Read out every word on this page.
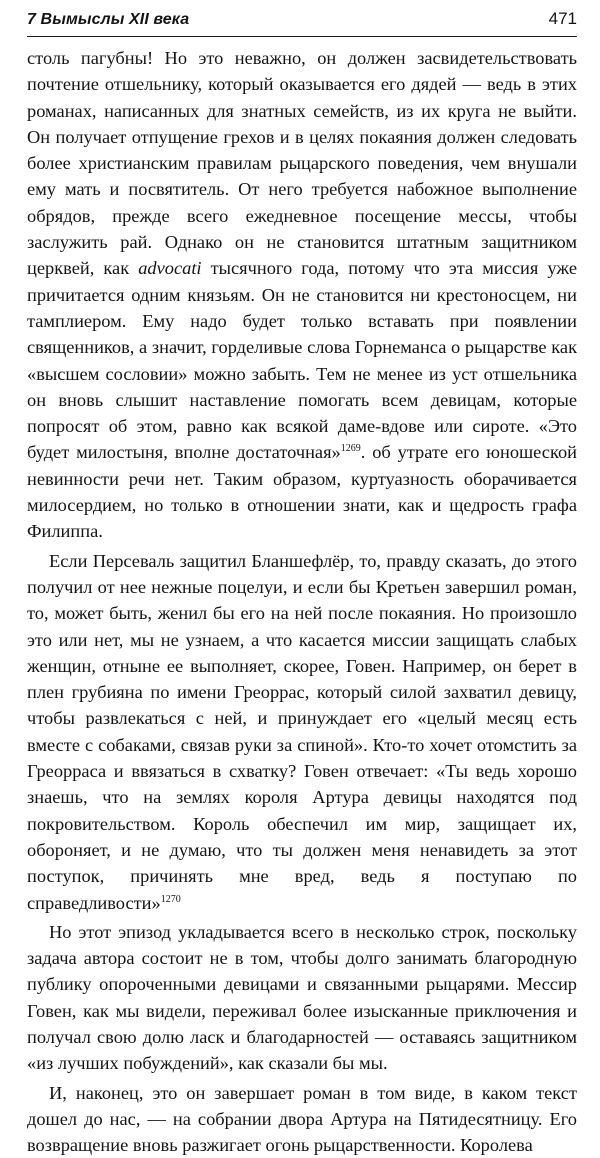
7 Вымыслы XII века	471

столь пагубны! Но это неважно, он должен засвидетельствовать почтение отшельнику, который оказывается его дядей — ведь в этих романах, написанных для знатных семейств, из их круга не выйти. Он получает отпущение грехов и в целях покаяния должен следовать более христианским правилам рыцарского поведения, чем внушали ему мать и посвятитель. От него требуется набожное выполнение обрядов, прежде всего ежедневное посещение мессы, чтобы заслужить рай. Однако он не становится штатным защитником церквей, как advocati тысячного года, потому что эта миссия уже причитается одним князьям. Он не становится ни крестоносцем, ни тамплиером. Ему надо будет только вставать при появлении священников, а значит, горделивые слова Горнеманса о рыцарстве как «высшем сословии» можно забыть. Тем не менее из уст отшельника он вновь слышит наставление помогать всем девицам, которые попросят об этом, равно как всякой даме-вдове или сироте. «Это будет милостыня, вполне достаточная»$^{1269}$. об утрате его юношеской невинности речи нет. Таким образом, куртуазность оборачивается милосердием, но только в отношении знати, как и щедрость графа Филиппа.

Если Персеваль защитил Бланшефлёр, то, правду сказать, до этого получил от нее нежные поцелуи, и если бы Кретьен завершил роман, то, может быть, женил бы его на ней после покаяния. Но произошло это или нет, мы не узнаем, а что касается миссии защищать слабых женщин, отныне ее выполняет, скорее, Говен. Например, он берет в плен грубияна по имени Греоррас, который силой захватил девицу, чтобы развлекаться с ней, и принуждает его «целый месяц есть вместе с собаками, связав руки за спиной». Кто-то хочет отомстить за Греорраса и ввязаться в схватку? Говен отвечает: «Ты ведь хорошо знаешь, что на землях короля Артура девицы находятся под покровительством. Король обеспечил им мир, защищает их, обороняет, и не думаю, что ты должен меня ненавидеть за этот поступок, причинять мне вред, ведь я поступаю по справедливости»$^{1270}$

Но этот эпизод укладывается всего в несколько строк, поскольку задача автора состоит не в том, чтобы долго занимать благородную публику опороченными девицами и связанными рыцарями. Мессир Говен, как мы видели, переживал более изысканные приключения и получал свою долю ласк и благодарностей — оставаясь защитником «из лучших побуждений», как сказали бы мы.

И, наконец, это он завершает роман в том виде, в каком текст дошел до нас, — на собрании двора Артура на Пятидесятницу. Его возвращение вновь разжигает огонь рыцарственности. Королева
